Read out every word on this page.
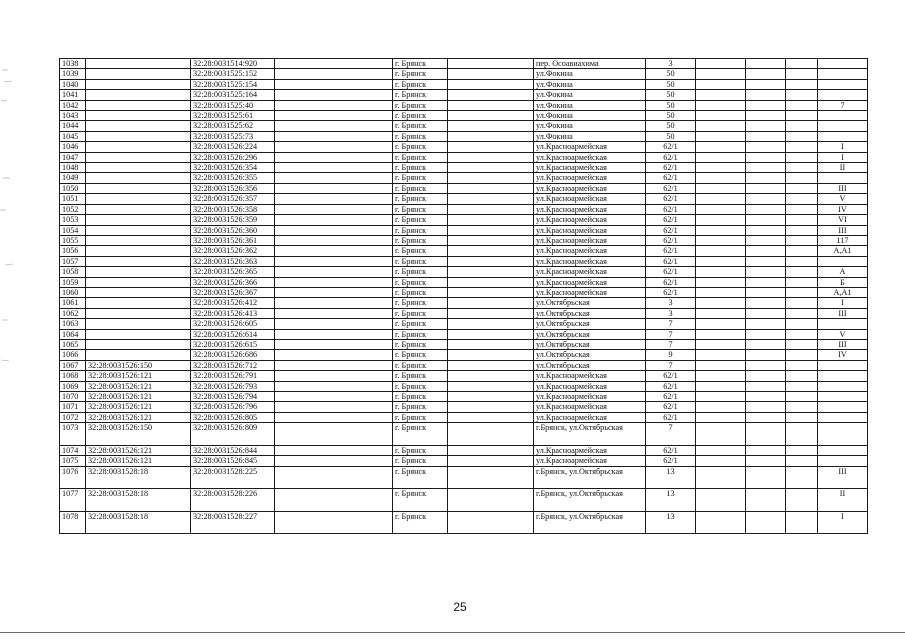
1038		32:28:0031514:920		г. Брянск		пер. Осоавиахима	3				
1039		32:28:0031525:152		г. Брянск		ул.Фокина	50				
1040		32:28:0031525:154		г. Брянск		ул.Фокина	50				
1041		32:28:0031525:164		г. Брянск		ул.Фокина	50				
1042		32:28:0031525:40		г. Брянск		ул.Фокина	50				7
1043		32:28:0031525:61		г. Брянск		ул.Фокина	50				
1044		32:28:0031525:62		г. Брянск		ул.Фокина	50				
1045		32:28:0031525:73		г. Брянск		ул.Фокина	50				
1046		32:28:0031526:224		г. Брянск		ул.Красноармейская	62/1				I
1047		32:28:0031526:296		г. Брянск		ул.Красноармейская	62/1				I
1048		32:28:0031526:354		г. Брянск		ул.Красноармейская	62/1				II
1049		32:28:0031526:355		г. Брянск		ул.Красноармейская	62/1				
1050		32:28:0031526:356		г. Брянск		ул.Красноармейская	62/1				III
1051		32:28:0031526:357		г. Брянск		ул.Красноармейская	62/1				V
1052		32:28:0031526:358		г. Брянск		ул.Красноармейская	62/1				IV
1053		32:28:0031526:359		г. Брянск		ул.Красноармейская	62/1				VI
1054		32:28:0031526:360		г. Брянск		ул.Красноармейская	62/1				III
1055		32:28:0031526:361		г. Брянск		ул.Красноармейская	62/1				117
1056		32:28:0031526:362		г. Брянск		ул.Красноармейская	62/1				А,А1
1057		32:28:0031526:363		г. Брянск		ул.Красноармейская	62/1				
1058		32:28:0031526:365		г. Брянск		ул.Красноармейская	62/1				А
1059		32:28:0031526:366		г. Брянск		ул.Красноармейская	62/1				Б
1060		32:28:0031526:367		г. Брянск		ул.Красноармейская	62/1				А,А1
1061		32:28:0031526:412		г. Брянск		ул.Октябрьская	3				I
1062		32:28:0031526:413		г. Брянск		ул.Октябрьская	3				III
1063		32:28:0031526:605		г. Брянск		ул.Октябрьская	7				
1064		32:28:0031526:614		г. Брянск		ул.Октябрьская	7				V
1065		32:28:0031526:615		г. Брянск		ул.Октябрьская	7				III
1066		32:28:0031526:686		г. Брянск		ул.Октябрьская	9				IV
1067	32:28:0031526:150	32:28:0031526:712		г. Брянск		ул.Октябрьская	7				
1068	32:28:0031526:121	32:28:0031526:791		г. Брянск		ул.Красноармейская	62/1				
1069	32:28:0031526:121	32:28:0031526:793		г. Брянск		ул.Красноармейская	62/1				
1070	32:28:0031526:121	32:28:0031526:794		г. Брянск		ул.Красноармейская	62/1				
1071	32:28:0031526:121	32:28:0031526:796		г. Брянск		ул.Красноармейская	62/1				
1072	32:28:0031526:121	32:28:0031526:805		г. Брянск		ул.Красноармейская	62/1				
1073	32:28:0031526:150	32:28:0031526:809		г. Брянск		г.Брянск, ул.Октябрьская	7				
1074	32:28:0031526:121	32:28:0031526:844		г. Брянск		ул.Красноармейская	62/1				
1075	32:28:0031526:121	32:28:0031526:845		г. Брянск		ул.Красноармейская	62/1				
1076	32:28:0031528:18	32:28:0031528:225		г. Брянск		г.Брянск, ул.Октябрьская	13				III
1077	32:28:0031528:18	32:28:0031528:226		г. Брянск		г.Брянск, ул.Октябрьская	13				II
1078	32:28:0031528:18	32:28:0031528:227		г. Брянск		г.Брянск, ул.Октябрьская	13				I
25
